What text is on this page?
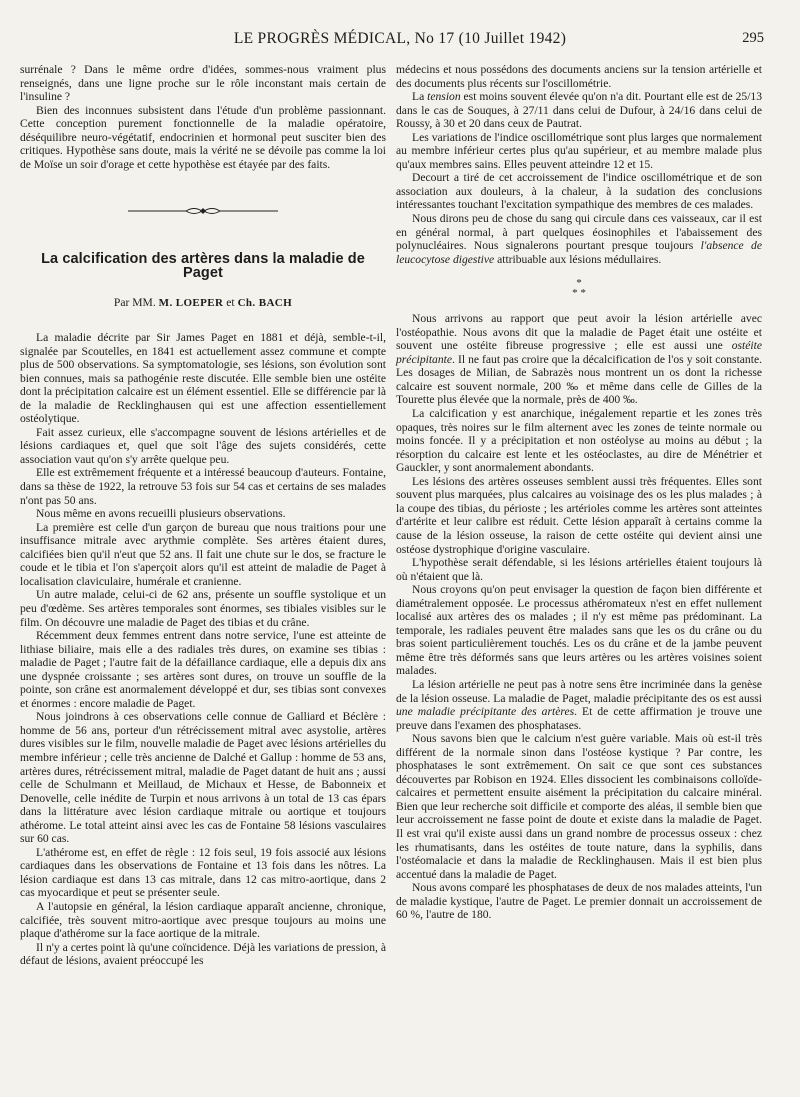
LE PROGRÈS MÉDICAL, No 17 (10 Juillet 1942)	295

surrénale ? Dans le même ordre d'idées, sommes-nous vraiment plus renseignés, dans une ligne proche sur le rôle inconstant mais certain de l'insuline ?

Bien des inconnues subsistent dans l'étude d'un problème passionnant. Cette conception purement fonctionnelle de la maladie opératoire, déséquilibre neuro-végétatif, endocrinien et hormonal peut susciter bien des critiques. Hypothèse sans doute, mais la vérité ne se dévoile pas comme la loi de Moïse un soir d'orage et cette hypothèse est étayée par des faits.

La calcification des artères dans la maladie de Paget
Par MM. M. LOEPER et Ch. BACH

La maladie décrite par Sir James Paget en 1881 et déjà, semble-t-il, signalée par Scoutelles, en 1841 est actuellement assez commune et compte plus de 500 observations. Sa symptomatologie, ses lésions, son évolution sont bien connues, mais sa pathogénie reste discutée. Elle semble bien une ostéite dont la précipitation calcaire est un élément essentiel. Elle se différencie par là de la maladie de Recklinghausen qui est une affection essentiellement ostéolytique.

Fait assez curieux, elle s'accompagne souvent de lésions artérielles et de lésions cardiaques et, quel que soit l'âge des sujets considérés, cette association vaut qu'on s'y arrête quelque peu.

Elle est extrêmement fréquente et a intéressé beaucoup d'auteurs. Fontaine, dans sa thèse de 1922, la retrouve 53 fois sur 54 cas et certains de ses malades n'ont pas 50 ans.

Nous même en avons recueilli plusieurs observations.

La première est celle d'un garçon de bureau que nous traitions pour une insuffisance mitrale avec arythmie complète. Ses artères étaient dures, calcifiées bien qu'il n'eut que 52 ans. Il fait une chute sur le dos, se fracture le coude et le tibia et l'on s'aperçoit alors qu'il est atteint de maladie de Paget à localisation claviculaire, humérale et cranienne.

Un autre malade, celui-ci de 62 ans, présente un souffle systolique et un peu d'œdème. Ses artères temporales sont énormes, ses tibiales visibles sur le film. On découvre une maladie de Paget des tibias et du crâne.

Récemment deux femmes entrent dans notre service, l'une est atteinte de lithiase biliaire, mais elle a des radiales très dures, on examine ses tibias : maladie de Paget ; l'autre fait de la défaillance cardiaque, elle a depuis dix ans une dyspnée croissante ; ses artères sont dures, on trouve un souffle de la pointe, son crâne est anormalement développé et dur, ses tibias sont convexes et énormes : encore maladie de Paget.

Nous joindrons à ces observations celle connue de Galliard et Béclère : homme de 56 ans, porteur d'un rétrécissement mitral avec asystolie, artères dures visibles sur le film, nouvelle maladie de Paget avec lésions artérielles du membre inférieur ; celle très ancienne de Dalché et Gallup : homme de 53 ans, artères dures, rétrécissement mitral, maladie de Paget datant de huit ans ; aussi celle de Schulmann et Meillaud, de Michaux et Hesse, de Babonneix et Denovelle, celle inédite de Turpin et nous arrivons à un total de 13 cas épars dans la littérature avec lésion cardiaque mitrale ou aortique et toujours athérome. Le total atteint ainsi avec les cas de Fontaine 58 lésions vasculaires sur 60 cas.

L'athérome est, en effet de règle : 12 fois seul, 19 fois associé aux lésions cardiaques dans les observations de Fontaine et 13 fois dans les nôtres. La lésion cardiaque est dans 13 cas mitrale, dans 12 cas mitro-aortique, dans 2 cas myocardique et peut se présenter seule.

A l'autopsie en général, la lésion cardiaque apparaît ancienne, chronique, calcifiée, très souvent mitro-aortique avec presque toujours au moins une plaque d'athérome sur la face aortique de la mitrale.

Il n'y a certes point là qu'une coïncidence. Déjà les variations de pression, à défaut de lésions, avaient préoccupé les

médecins et nous possédons des documents anciens sur la tension artérielle et des documents plus récents sur l'oscillométrie.

La tension est moins souvent élevée qu'on n'a dit. Pourtant elle est de 25/13 dans le cas de Souques, à 27/11 dans celui de Dufour, à 24/16 dans celui de Roussy, à 30 et 20 dans ceux de Pautrat.

Les variations de l'indice oscillométrique sont plus larges que normalement au membre inférieur certes plus qu'au supérieur, et au membre malade plus qu'aux membres sains. Elles peuvent atteindre 12 et 15.

Decourt a tiré de cet accroissement de l'indice oscillométrique et de son association aux douleurs, à la chaleur, à la sudation des conclusions intéressantes touchant l'excitation sympathique des membres de ces malades.

Nous dirons peu de chose du sang qui circule dans ces vaisseaux, car il est en général normal, à part quelques éosinophiles et l'abaissement des polynucléaires. Nous signalerons pourtant presque toujours l'absence de leucocytose digestive attribuable aux lésions médullaires.

*
* *

Nous arrivons au rapport que peut avoir la lésion artérielle avec l'ostéopathie. Nous avons dit que la maladie de Paget était une ostéite et souvent une ostéite fibreuse progressive ; elle est aussi une ostéite précipitante. Il ne faut pas croire que la décalcification de l'os y soit constante. Les dosages de Milian, de Sabrazès nous montrent un os dont la richesse calcaire est souvent normale, 200 ‰ et même dans celle de Gilles de la Tourette plus élevée que la normale, près de 400 ‰.

La calcification y est anarchique, inégalement repartie et les zones très opaques, très noires sur le film alternent avec les zones de teinte normale ou moins foncée. Il y a précipitation et non ostéolyse au moins au début ; la résorption du calcaire est lente et les ostéoclastes, au dire de Ménétrier et Gauckler, y sont anormalement abondants.

Les lésions des artères osseuses semblent aussi très fréquentes. Elles sont souvent plus marquées, plus calcaires au voisinage des os les plus malades ; à la coupe des tibias, du périoste ; les artérioles comme les artères sont atteintes d'artérite et leur calibre est réduit. Cette lésion apparaît à certains comme la cause de la lésion osseuse, la raison de cette ostéite qui devient ainsi une ostéose dystrophique d'origine vasculaire.

L'hypothèse serait défendable, si les lésions artérielles étaient toujours là où n'étaient que là.

Nous croyons qu'on peut envisager la question de façon bien différente et diamétralement opposée. Le processus athéromateux n'est en effet nullement localisé aux artères des os malades ; il n'y est même pas prédominant. La temporale, les radiales peuvent être malades sans que les os du crâne ou du bras soient particulièrement touchés. Les os du crâne et de la jambe peuvent même être très déformés sans que leurs artères ou les artères voisines soient malades.

La lésion artérielle ne peut pas à notre sens être incriminée dans la genèse de la lésion osseuse. La maladie de Paget, maladie précipitante des os est aussi une maladie précipitante des artères. Et de cette affirmation je trouve une preuve dans l'examen des phosphatases.

Nous savons bien que le calcium n'est guère variable. Mais où est-il très différent de la normale sinon dans l'ostéose kystique ? Par contre, les phosphatases le sont extrêmement. On sait ce que sont ces substances découvertes par Robison en 1924. Elles dissocient les combinaisons colloïde-calcaires et permettent ensuite aisément la précipitation du calcaire minéral. Bien que leur recherche soit difficile et comporte des aléas, il semble bien que leur accroissement ne fasse point de doute et existe dans la maladie de Paget. Il est vrai qu'il existe aussi dans un grand nombre de processus osseux : chez les rhumatisants, dans les ostéites de toute nature, dans la syphilis, dans l'ostéomalacie et dans la maladie de Recklinghausen. Mais il est bien plus accentué dans la maladie de Paget.

Nous avons comparé les phosphatases de deux de nos malades atteints, l'un de maladie kystique, l'autre de Paget. Le premier donnait un accroissement de 60 %, l'autre de 180.
